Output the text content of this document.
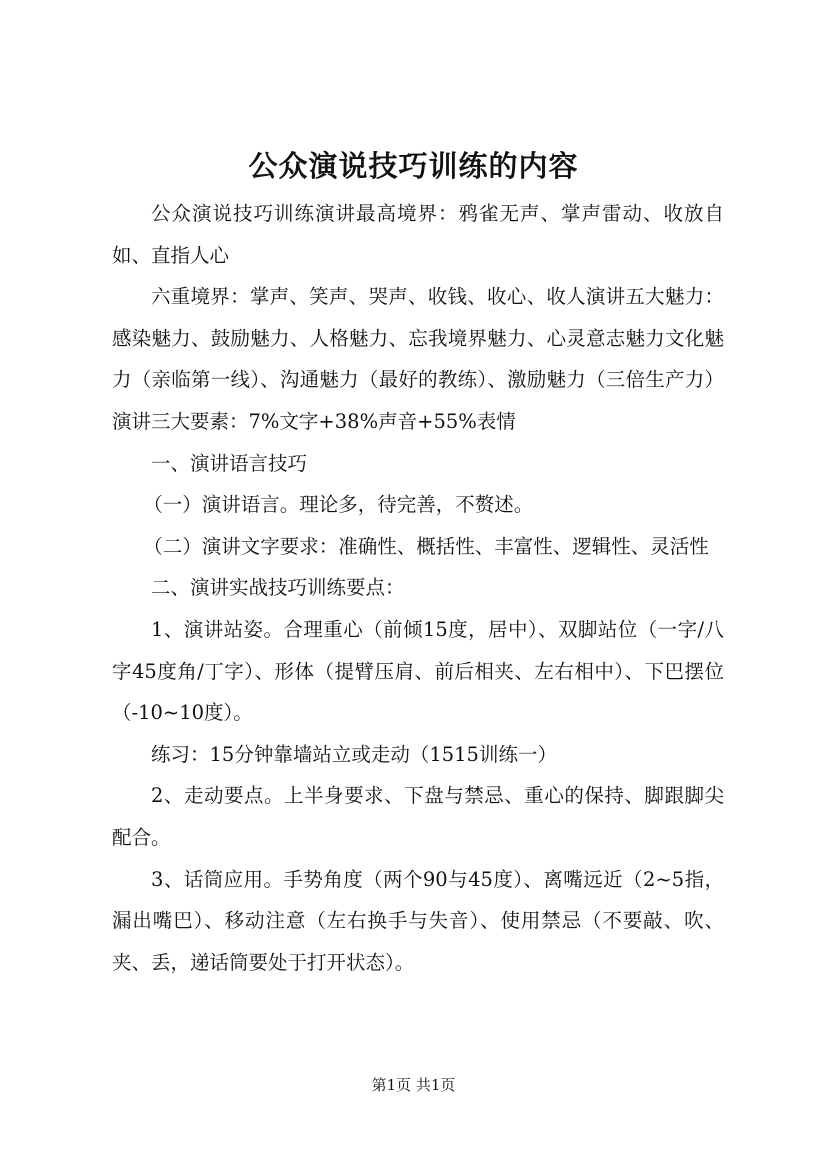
公众演说技巧训练的内容

公众演说技巧训练演讲最高境界：鸦雀无声、掌声雷动、收放自如、直指人心

六重境界：掌声、笑声、哭声、收钱、收心、收人演讲五大魅力：感染魅力、鼓励魅力、人格魅力、忘我境界魅力、心灵意志魅力文化魅力（亲临第一线）、沟通魅力（最好的教练）、激励魅力（三倍生产力）演讲三大要素：7%文字+38%声音+55%表情

一、演讲语言技巧

（一）演讲语言。理论多，待完善，不赘述。

（二）演讲文字要求：准确性、概括性、丰富性、逻辑性、灵活性

二、演讲实战技巧训练要点：

1、演讲站姿。合理重心（前倾15度，居中）、双脚站位（一字/八字45度角/丁字）、形体（提臂压肩、前后相夹、左右相中）、下巴摆位（-10~10度）。

练习：15分钟靠墙站立或走动（1515训练一）

2、走动要点。上半身要求、下盘与禁忌、重心的保持、脚跟脚尖配合。

3、话筒应用。手势角度（两个90与45度）、离嘴远近（2~5指，漏出嘴巴）、移动注意（左右换手与失音）、使用禁忌（不要敲、吹、夹、丢，递话筒要处于打开状态）。

第1页 共1页
